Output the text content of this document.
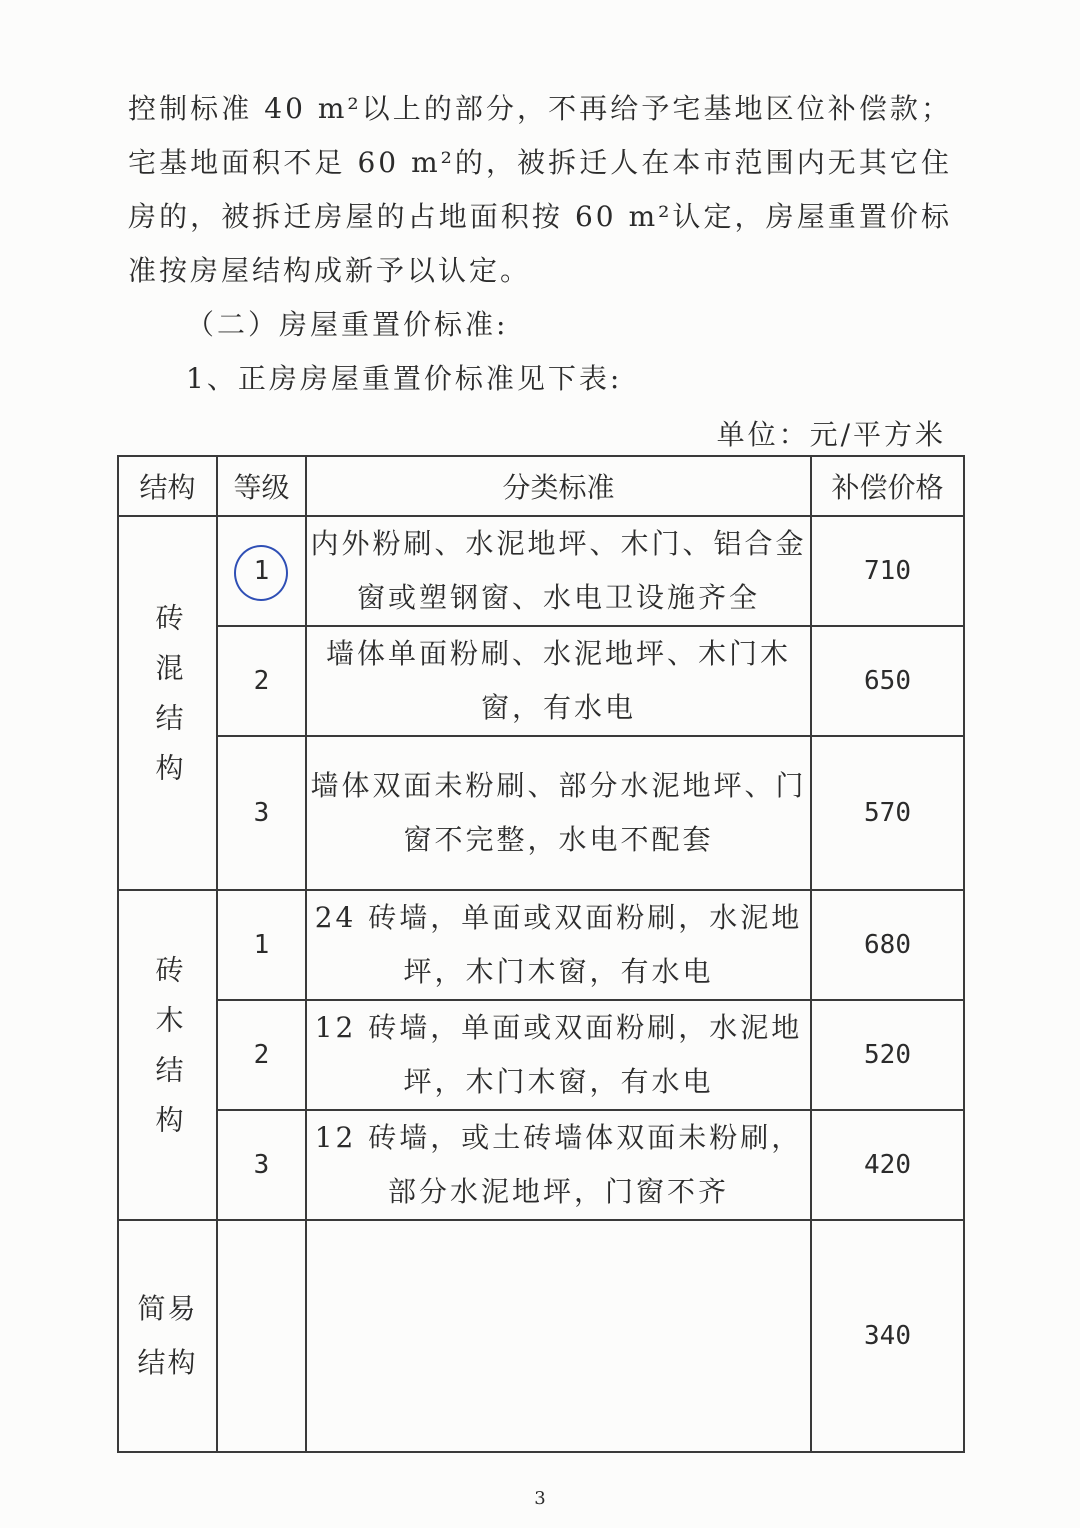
控制标准 40 m²以上的部分，不再给予宅基地区位补偿款；宅基地面积不足 60 m²的，被拆迁人在本市范围内无其它住房的，被拆迁房屋的占地面积按 60 m²认定，房屋重置价标准按房屋结构成新予以认定。

（二）房屋重置价标准:

1、正房房屋重置价标准见下表:

单位：元/平方米

结构	等级	分类标准	补偿价格

砖混结构	1	内外粉刷、水泥地坪、木门、铝合金窗或塑钢窗、水电卫设施齐全	710
	2	墙体单面粉刷、水泥地坪、木门木窗，有水电	650
	3	墙体双面未粉刷、部分水泥地坪、门窗不完整，水电不配套	570

砖木结构	1	24 砖墙，单面或双面粉刷，水泥地坪，木门木窗，有水电	680
	2	12 砖墙，单面或双面粉刷，水泥地坪，木门木窗，有水电	520
	3	12 砖墙，或土砖墙体双面未粉刷，部分水泥地坪，门窗不齐	420

简易
结构			340
3
